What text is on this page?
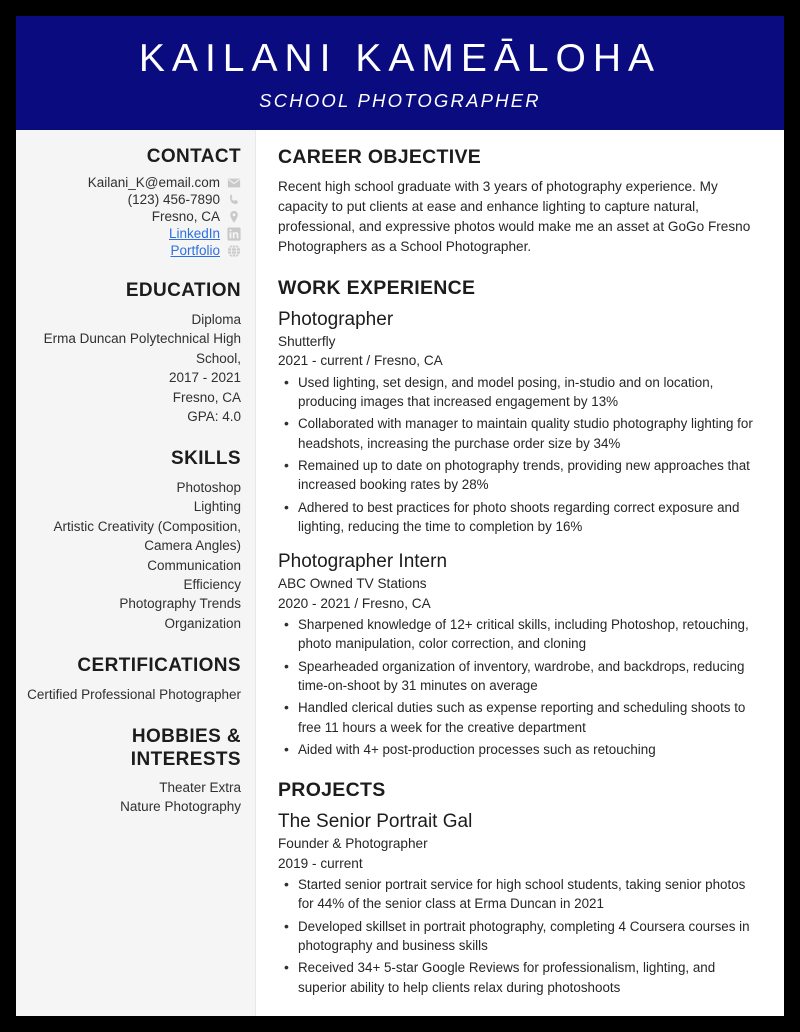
KAILANI KAMEĀLOHA
SCHOOL PHOTOGRAPHER
CONTACT
Kailani_K@email.com
(123) 456-7890
Fresno, CA
LinkedIn
Portfolio
EDUCATION
Diploma
Erma Duncan Polytechnical High School,
2017 - 2021
Fresno, CA
GPA: 4.0
SKILLS
Photoshop
Lighting
Artistic Creativity (Composition, Camera Angles)
Communication
Efficiency
Photography Trends
Organization
CERTIFICATIONS
Certified Professional Photographer
HOBBIES & INTERESTS
Theater Extra
Nature Photography
CAREER OBJECTIVE
Recent high school graduate with 3 years of photography experience. My capacity to put clients at ease and enhance lighting to capture natural, professional, and expressive photos would make me an asset at GoGo Fresno Photographers as a School Photographer.
WORK EXPERIENCE
Photographer
Shutterfly
2021 - current / Fresno, CA
• Used lighting, set design, and model posing, in-studio and on location, producing images that increased engagement by 13%
• Collaborated with manager to maintain quality studio photography lighting for headshots, increasing the purchase order size by 34%
• Remained up to date on photography trends, providing new approaches that increased booking rates by 28%
• Adhered to best practices for photo shoots regarding correct exposure and lighting, reducing the time to completion by 16%
Photographer Intern
ABC Owned TV Stations
2020 - 2021 / Fresno, CA
• Sharpened knowledge of 12+ critical skills, including Photoshop, retouching, photo manipulation, color correction, and cloning
• Spearheaded organization of inventory, wardrobe, and backdrops, reducing time-on-shoot by 31 minutes on average
• Handled clerical duties such as expense reporting and scheduling shoots to free 11 hours a week for the creative department
• Aided with 4+ post-production processes such as retouching
PROJECTS
The Senior Portrait Gal
Founder & Photographer
2019 - current
• Started senior portrait service for high school students, taking senior photos for 44% of the senior class at Erma Duncan in 2021
• Developed skillset in portrait photography, completing 4 Coursera courses in photography and business skills
• Received 34+ 5-star Google Reviews for professionalism, lighting, and superior ability to help clients relax during photoshoots
